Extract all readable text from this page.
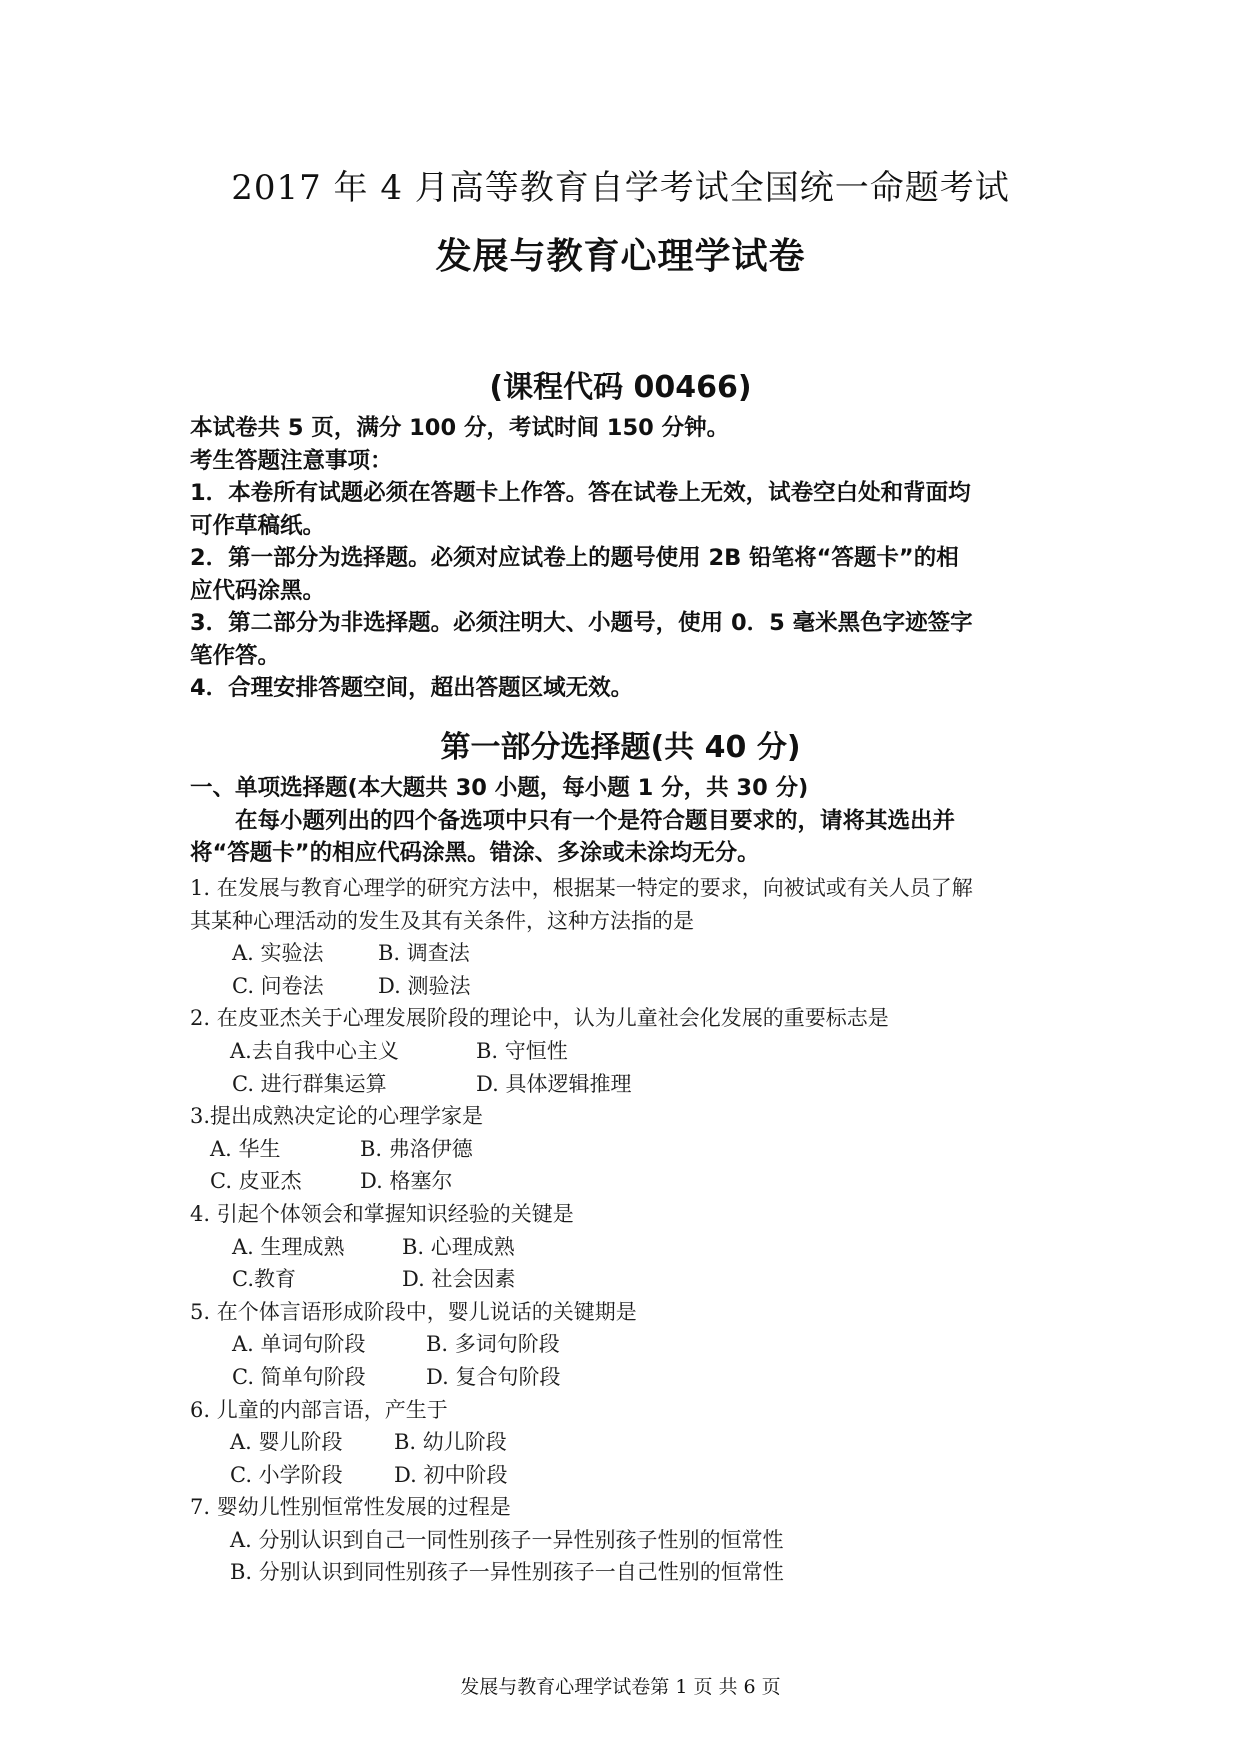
2017 年 4 月高等教育自学考试全国统一命题考试
发展与教育心理学试卷
(课程代码 00466)

本试卷共 5 页，满分 100 分，考试时间 150 分钟。

考生答题注意事项：

1．本卷所有试题必须在答题卡上作答。答在试卷上无效，试卷空白处和背面均

可作草稿纸。

2．第一部分为选择题。必须对应试卷上的题号使用 2B 铅笔将“答题卡”的相

应代码涂黑。

3．第二部分为非选择题。必须注明大、小题号，使用 0．5 毫米黑色字迹签字

笔作答。

4．合理安排答题空间，超出答题区域无效。

第一部分选择题(共 40 分)

一、单项选择题(本大题共 30 小题，每小题 1 分，共 30 分)

在每小题列出的四个备选项中只有一个是符合题目要求的，请将其选出并

将“答题卡”的相应代码涂黑。错涂、多涂或未涂均无分。

1. 在发展与教育心理学的研究方法中，根据某一特定的要求，向被试或有关人员了解

其某种心理活动的发生及其有关条件，这种方法指的是

A. 实验法	B. 调查法

C. 问卷法	D. 测验法

2. 在皮亚杰关于心理发展阶段的理论中，认为儿童社会化发展的重要标志是

A.去自我中心主义	B. 守恒性

C. 进行群集运算	D. 具体逻辑推理

3.提出成熟决定论的心理学家是

A. 华生	B. 弗洛伊德

C. 皮亚杰	D. 格塞尔

4. 引起个体领会和掌握知识经验的关键是

A. 生理成熟	B. 心理成熟

C.教育	D. 社会因素

5. 在个体言语形成阶段中，婴儿说话的关键期是

A. 单词句阶段	B. 多词句阶段

C. 简单句阶段	D. 复合句阶段

6. 儿童的内部言语，产生于

A. 婴儿阶段	B. 幼儿阶段

C. 小学阶段	D. 初中阶段

7. 婴幼儿性别恒常性发展的过程是

A. 分别认识到自己一同性别孩子一异性别孩子性别的恒常性

B. 分别认识到同性别孩子一异性别孩子一自己性别的恒常性

发展与教育心理学试卷第 1 页 共 6 页
